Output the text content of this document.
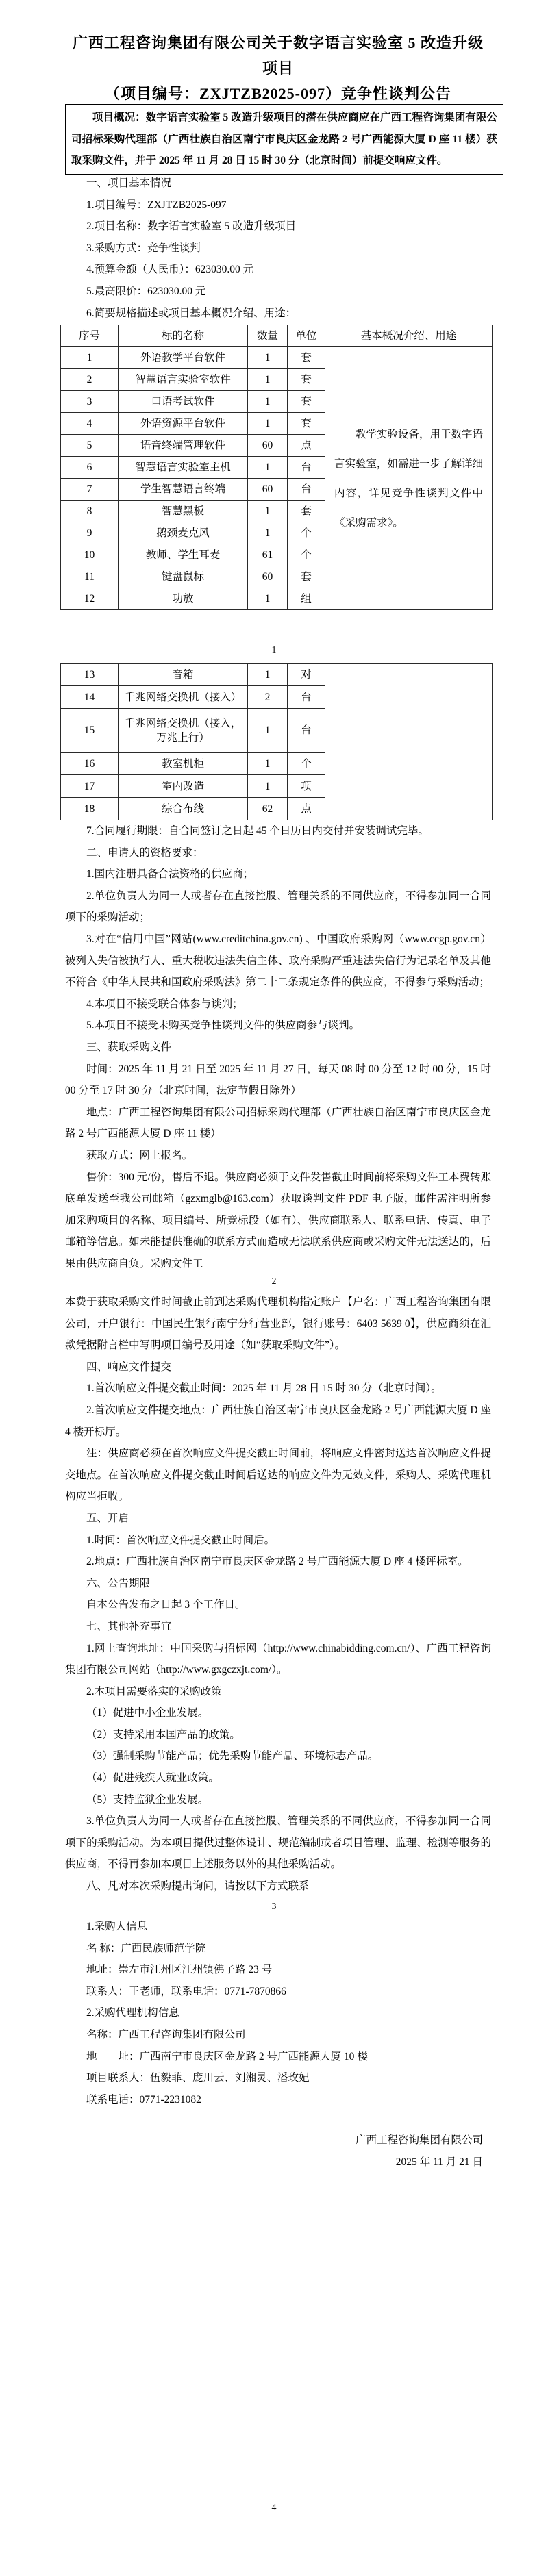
广西工程咨询集团有限公司关于数字语言实验室 5 改造升级项目
（项目编号：ZXJTZB2025-097）竞争性谈判公告

项目概况：数字语言实验室 5 改造升级项目的潜在供应商应在广西工程咨询集团有限公司招标采购代理部（广西壮族自治区南宁市良庆区金龙路 2 号广西能源大厦 D 座 11 楼）获取采购文件，并于 2025 年 11 月 28 日 15 时 30 分（北京时间）前提交响应文件。

一、项目基本情况

1.项目编号：ZXJTZB2025-097

2.项目名称：数字语言实验室 5 改造升级项目

3.采购方式：竞争性谈判

4.预算金额（人民币）：623030.00 元

5.最高限价：623030.00 元

6.简要规格描述或项目基本概况介绍、用途：

序号	标的名称	数量	单位	基本概况介绍、用途
1	外语教学平台软件	1	套	教学实验设备，用于数字语言实验室，如需进一步了解详细内容，详见竞争性谈判文件中《采购需求》。
2	智慧语言实验室软件	1	套	
3	口语考试软件	1	套	
4	外语资源平台软件	1	套	
5	语音终端管理软件	60	点	
6	智慧语言实验室主机	1	台	
7	学生智慧语言终端	60	台	
8	智慧黑板	1	套	
9	鹅颈麦克风	1	个	
10	教师、学生耳麦	61	个	
11	键盘鼠标	60	套	
12	功放	1	组	
1
13	音箱	1	对	
14	千兆网络交换机（接入）	2	台	
15	千兆网络交换机（接入，万兆上行）	1	台	
16	教室机柜	1	个	
17	室内改造	1	项	
18	综合布线	62	点	

7.合同履行期限：自合同签订之日起 45 个日历日内交付并安装调试完毕。

二、申请人的资格要求：

1.国内注册具备合法资格的供应商；

2.单位负责人为同一人或者存在直接控股、管理关系的不同供应商，不得参加同一合同项下的采购活动；

3.对在“信用中国”网站(www.creditchina.gov.cn) 、中国政府采购网（www.ccgp.gov.cn）被列入失信被执行人、重大税收违法失信主体、政府采购严重违法失信行为记录名单及其他不符合《中华人民共和国政府采购法》第二十二条规定条件的供应商，不得参与采购活动；

4.本项目不接受联合体参与谈判；

5.本项目不接受未购买竞争性谈判文件的供应商参与谈判。

三、获取采购文件

时间：2025 年 11 月 21 日至 2025 年 11 月 27 日，每天 08 时 00 分至 12 时 00 分，15 时 00 分至 17 时 30 分（北京时间，法定节假日除外）

地点：广西工程咨询集团有限公司招标采购代理部（广西壮族自治区南宁市良庆区金龙路 2 号广西能源大厦 D 座 11 楼）

获取方式：网上报名。

售价：300 元/份，售后不退。供应商必须于文件发售截止时间前将采购文件工本费转账底单发送至我公司邮箱（gzxmglb@163.com）获取谈判文件 PDF 电子版，邮件需注明所参加采购项目的名称、项目编号、所竞标段（如有）、供应商联系人、联系电话、传真、电子邮箱等信息。如未能提供准确的联系方式而造成无法联系供应商或采购文件无法送达的，后果由供应商自负。采购文件工

2

本费于获取采购文件时间截止前到达采购代理机构指定账户【户名：广西工程咨询集团有限公司，开户银行：中国民生银行南宁分行营业部，银行账号：6403 5639 0】，供应商须在汇款凭据附言栏中写明项目编号及用途（如“获取采购文件”）。

四、响应文件提交

1.首次响应文件提交截止时间：2025 年 11 月 28 日 15 时 30 分（北京时间）。

2.首次响应文件提交地点：广西壮族自治区南宁市良庆区金龙路 2 号广西能源大厦 D 座 4 楼开标厅。

注：供应商必须在首次响应文件提交截止时间前，将响应文件密封送达首次响应文件提交地点。在首次响应文件提交截止时间后送达的响应文件为无效文件，采购人、采购代理机构应当拒收。

五、开启

1.时间：首次响应文件提交截止时间后。

2.地点：广西壮族自治区南宁市良庆区金龙路 2 号广西能源大厦 D 座 4 楼评标室。

六、公告期限

自本公告发布之日起 3 个工作日。

七、其他补充事宜

1.网上查询地址：中国采购与招标网（http://www.chinabidding.com.cn/）、广西工程咨询集团有限公司网站（http://www.gxgczxjt.com/）。

2.本项目需要落实的采购政策

（1）促进中小企业发展。

（2）支持采用本国产品的政策。

（3）强制采购节能产品；优先采购节能产品、环境标志产品。

（4）促进残疾人就业政策。

（5）支持监狱企业发展。

3.单位负责人为同一人或者存在直接控股、管理关系的不同供应商，不得参加同一合同项下的采购活动。为本项目提供过整体设计、规范编制或者项目管理、监理、检测等服务的供应商，不得再参加本项目上述服务以外的其他采购活动。

八、凡对本次采购提出询问，请按以下方式联系

3

1.采购人信息

名 称：广西民族师范学院

地址：崇左市江州区江州镇佛子路 23 号

联系人：王老师，联系电话：0771-7870866

2.采购代理机构信息

名称：广西工程咨询集团有限公司

地　　址：广西南宁市良庆区金龙路 2 号广西能源大厦 10 楼

项目联系人：伍毅菲、庞川云、刘湘灵、潘玫妃

联系电话：0771-2231082

广西工程咨询集团有限公司
2025 年 11 月 21 日
4
